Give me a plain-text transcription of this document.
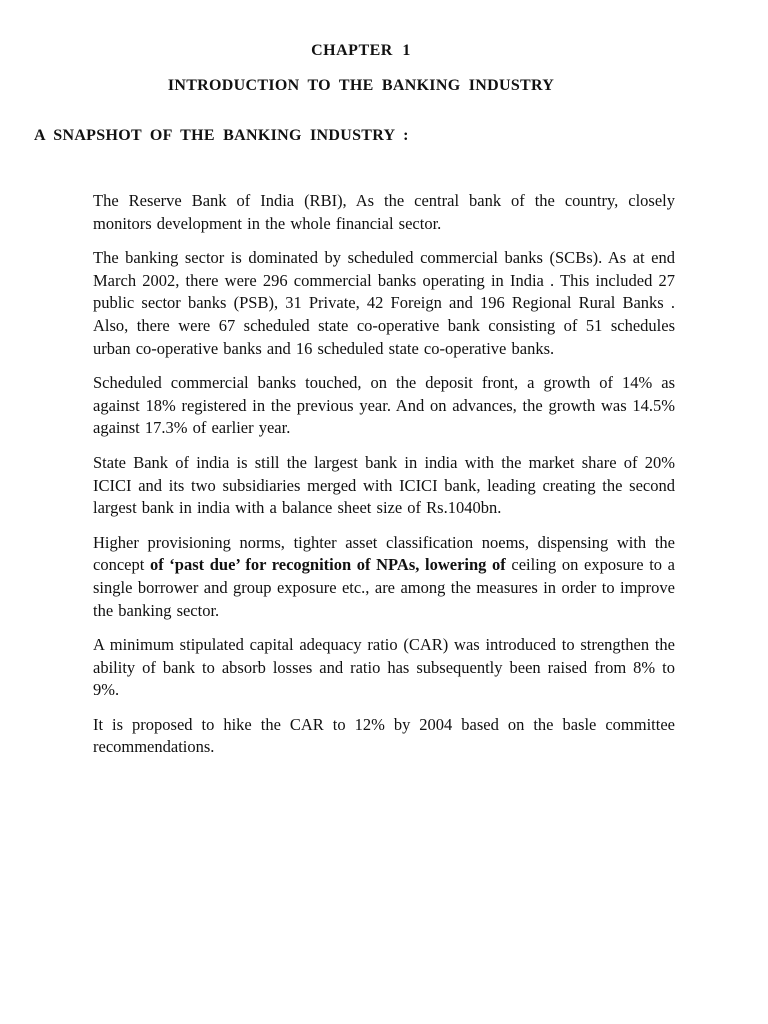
CHAPTER 1
INTRODUCTION TO THE BANKING INDUSTRY
A SNAPSHOT OF THE BANKING INDUSTRY :

The Reserve Bank of India (RBI), As the central bank of the country, closely monitors development in the whole financial sector.

The banking sector is dominated by scheduled commercial banks (SCBs). As at end March 2002, there were 296 commercial banks operating in India . This included 27 public sector banks (PSB), 31 Private, 42 Foreign and 196 Regional Rural Banks . Also, there were 67 scheduled state co-operative bank consisting of 51 schedules urban co-operative banks and 16 scheduled state co-operative banks.

Scheduled commercial banks touched, on the deposit front, a growth of 14% as against 18% registered in the previous year. And on advances, the growth was 14.5% against 17.3% of earlier year.

State Bank of india is still the largest bank in india with the market share of 20% ICICI and its two subsidiaries merged with ICICI bank, leading creating the second largest bank in india with a balance sheet size of Rs.1040bn.

Higher provisioning norms, tighter asset classification noems, dispensing with the concept of ‘past due’ for recognition of NPAs, lowering of ceiling on exposure to a single borrower and group exposure etc., are among the measures in order to improve the banking sector.

A minimum stipulated capital adequacy ratio (CAR) was introduced to strengthen the ability of bank to absorb losses and ratio has subsequently been raised from 8% to 9%.

It is proposed to hike the CAR to 12% by 2004 based on the basle committee recommendations.
